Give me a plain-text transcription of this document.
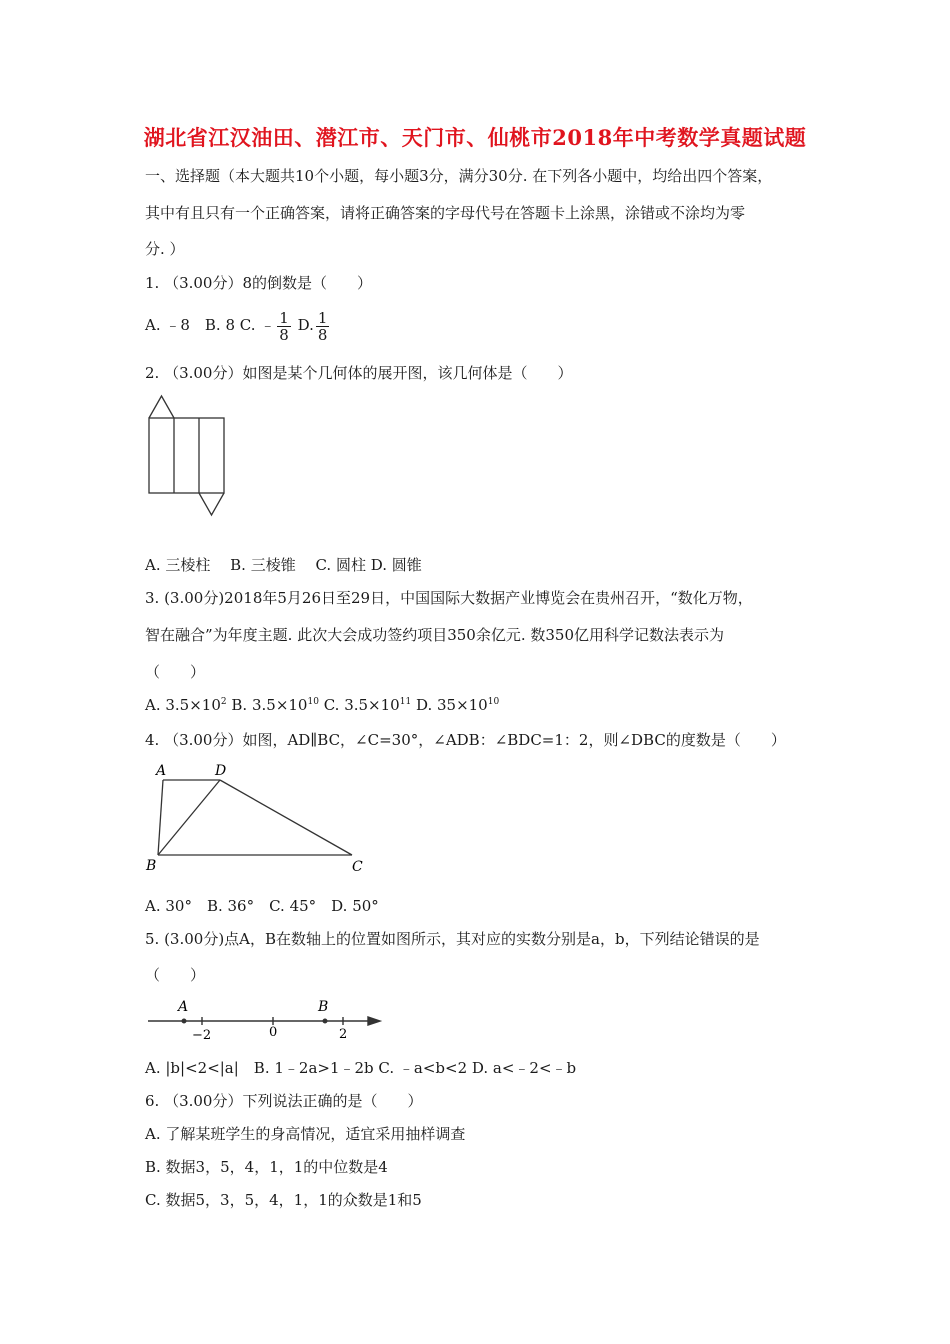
湖北省江汉油田、潜江市、天门市、仙桃市2018年中考数学真题试题
一、选择题（本大题共10个小题，每小题3分，满分30分. 在下列各小题中，均给出四个答案，
其中有且只有一个正确答案，请将正确答案的字母代号在答题卡上涂黑，涂错或不涂均为零
分. ）
1. （3.00分）8的倒数是（　　）
A. ﹣8　B. 8 C. ﹣ $\frac{1}{8} D$. $\frac{1}{8}$
2. （3.00分）如图是某个几何体的展开图，该几何体是（　　）
A. 三棱柱　 B. 三棱锥　 C. 圆柱 D. 圆锥
3. (3.00分)2018年5月26日至29日，中国国际大数据产业博览会在贵州召开，“数化万物，
智在融合”为年度主题. 此次大会成功签约项目350余亿元. 数350亿用科学记数法表示为
（　　）
A. $3.5\times 10^2$ B. $3.5\times 10^{10}$ C. $3.5\times 10^{11}$ D. $35\times 10^{10}$
4. （3.00分）如图，AD∥BC，∠C=30°，∠ADB：∠BDC=1：2，则∠DBC的度数是（　　）
A	D
B	C
A. 30°　B. 36°　C. 45°　D. 50°
5. (3.00分)点A，B在数轴上的位置如图所示，其对应的实数分别是a，b，下列结论错误的是
（　　）
A	B
−2	0	2
A. |b|<2<|a|　B. 1﹣2a>1﹣2b C. ﹣a<b<2 D. a<﹣2<﹣b
6. （3.00分）下列说法正确的是（　　）
A. 了解某班学生的身高情况，适宜采用抽样调查
B. 数据3，5，4，1，1的中位数是4
C. 数据5，3，5，4，1，1的众数是1和5
